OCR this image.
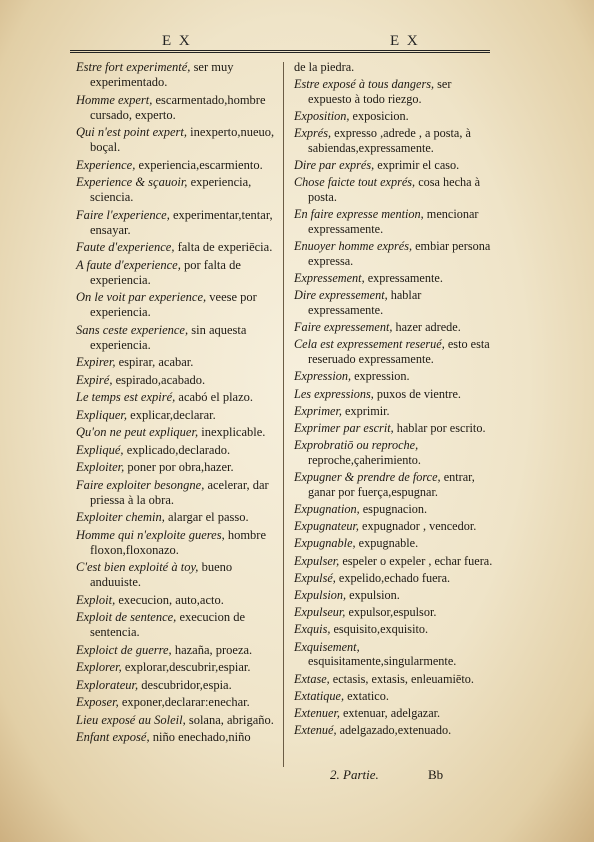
E X	E X
Estre fort experimenté, ser muy experimentado.
Homme expert, escarmentado,hombre cursado, experto.
Qui n'est point expert, inexperto,nueuo, boçal.
Experience, experiencia,escarmiento.
Experience & sçauoir, experiencia, sciencia.
Faire l'experience, experimentar,tentar, ensayar.
Faute d'experience, falta de experiēcia.
A faute d'experience, por falta de experiencia.
On le voit par experience, veese por experiencia.
Sans ceste experience, sin aquesta experiencia.
Expirer, espirar, acabar.
Expiré, espirado,acabado.
Le temps est expiré, acabó el plazo.
Expliquer, explicar,declarar.
Qu'on ne peut expliquer, inexplicable.
Expliqué, explicado,declarado.
Exploiter, poner por obra,hazer.
Faire exploiter besongne, acelerar, dar priessa à la obra.
Exploiter chemin, alargar el passo.
Homme qui n'exploite gueres, hombre floxon,floxonazo.
C'est bien exploité à toy, bueno anduuiste.
Exploit, execucion, auto,acto.
Exploit de sentence, execucion de sentencia.
Exploict de guerre, hazaña, proeza.
Explorer, explorar,descubrir,espiar.
Explorateur, descubridor,espia.
Exposer, exponer,declarar:enechar.
Lieu exposé au Soleil, solana, abrigaño.
Enfant exposé, niño enechado,niño
de la piedra.
Estre exposé à tous dangers, ser expuesto à todo riezgo.
Exposition, exposicion.
Exprés, expresso ,adrede , a posta, à sabiendas,expressamente.
Dire par exprés, exprimir el caso.
Chose faicte tout exprés, cosa hecha à posta.
En faire expresse mention, mencionar expressamente.
Enuoyer homme exprés, embiar persona expressa.
Expressement, expressamente.
Dire expressement, hablar expressamente.
Faire expressement, hazer adrede.
Cela est expressement reserué, esto esta reseruado expressamente.
Expression, expression.
Les expressions, puxos de vientre.
Exprimer, exprimir.
Exprimer par escrit, hablar por escrito.
Exprobratiō ou reproche, reproche,çaherimiento.
Expugner & prendre de force, entrar, ganar por fuerça,espugnar.
Expugnation, espugnacion.
Expugnateur, expugnador , vencedor.
Expugnable, expugnable.
Expulser, espeler o expeler , echar fuera.
Expulsé, expelido,echado fuera.
Expulsion, expulsion.
Expulseur, expulsor,espulsor.
Exquis, esquisito,exquisito.
Exquisement, esquisitamente,singularmente.
Extase, ectasis, extasis, enleuamiēto.
Extatique, extatico.
Extenuer, extenuar, adelgazar.
Extenué, adelgazado,extenuado.
2. Partie.	Bb
